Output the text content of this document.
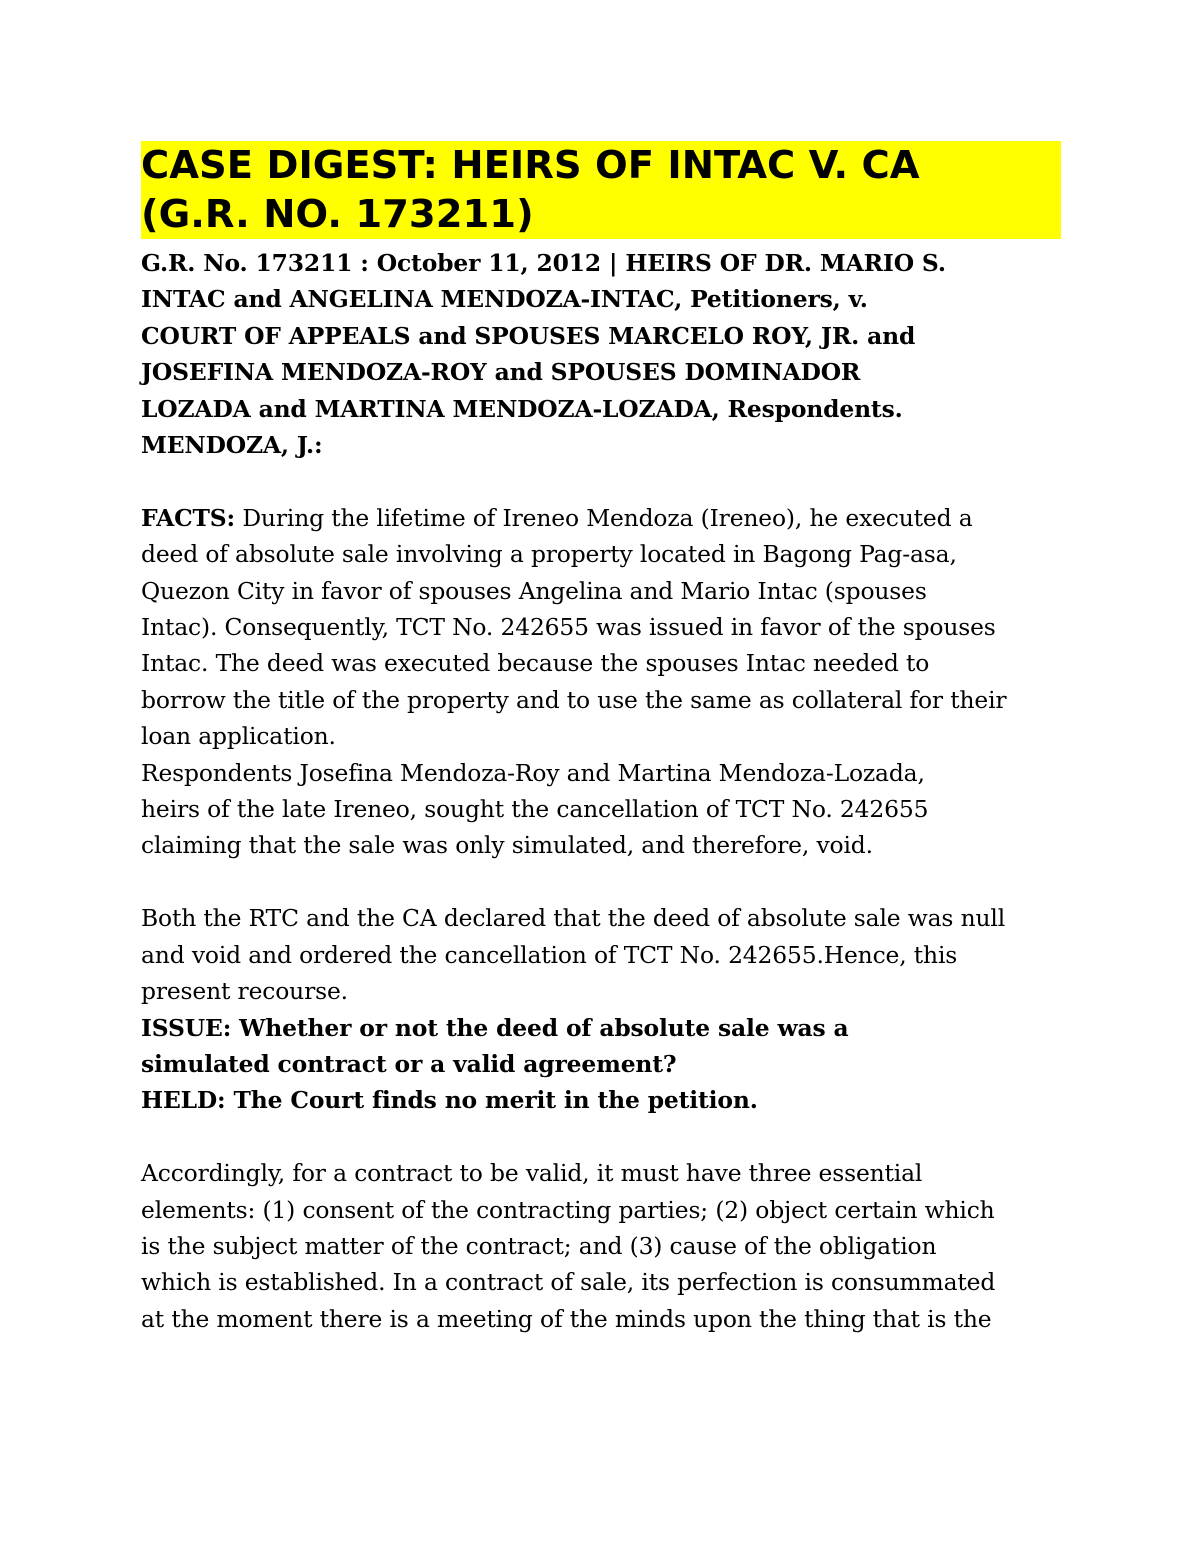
CASE DIGEST: HEIRS OF INTAC V. CA
(G.R. NO. 173211)
G.R. No. 173211 : October 11, 2012 | HEIRS OF DR. MARIO S.
INTAC and ANGELINA MENDOZA-INTAC, Petitioners, v.
COURT OF APPEALS and SPOUSES MARCELO ROY, JR. and
JOSEFINA MENDOZA-ROY and SPOUSES DOMINADOR
LOZADA and MARTINA MENDOZA-LOZADA, Respondents.
MENDOZA, J.:
FACTS: During the lifetime of Ireneo Mendoza (Ireneo), he executed a
deed of absolute sale involving a property located in Bagong Pag-asa,
Quezon City in favor of spouses Angelina and Mario Intac (spouses
Intac). Consequently, TCT No. 242655 was issued in favor of the spouses
Intac. The deed was executed because the spouses Intac needed to
borrow the title of the property and to use the same as collateral for their
loan application.
Respondents Josefina Mendoza-Roy and Martina Mendoza-Lozada,
heirs of the late Ireneo, sought the cancellation of TCT No. 242655
claiming that the sale was only simulated, and therefore, void.
Both the RTC and the CA declared that the deed of absolute sale was null
and void and ordered the cancellation of TCT No. 242655.Hence, this
present recourse.
ISSUE: Whether or not the deed of absolute sale was a
simulated contract or a valid agreement?
HELD: The Court finds no merit in the petition.
Accordingly, for a contract to be valid, it must have three essential
elements: (1) consent of the contracting parties; (2) object certain which
is the subject matter of the contract; and (3) cause of the obligation
which is established. In a contract of sale, its perfection is consummated
at the moment there is a meeting of the minds upon the thing that is the
